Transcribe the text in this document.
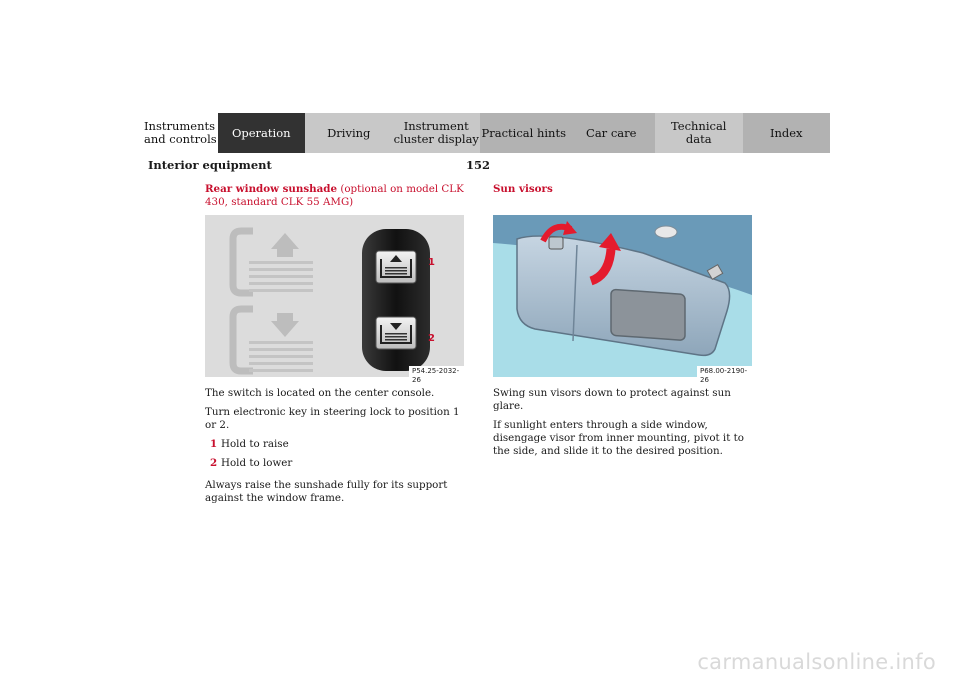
Instruments
and controls	Operation	Driving	Instrument
cluster display Practical hints	Car care	Technical
data	Index
Interior equipment	152
Rear window sunshade (optional on model CLK 430, standard CLK 55 AMG)
1
2
P54.25-2032-26

The switch is located on the center console.

Turn electronic key in steering lock to position 1 or 2.

1 Hold to raise
2 Hold to lower

Always raise the sunshade fully for its support against the window frame.

Sun visors
P68.00-2190-26

Swing sun visors down to protect against sun glare.

If sunlight enters through a side window, disengage visor from inner mounting, pivot it to the side, and slide it to the desired position.

carmanualsonline.info
